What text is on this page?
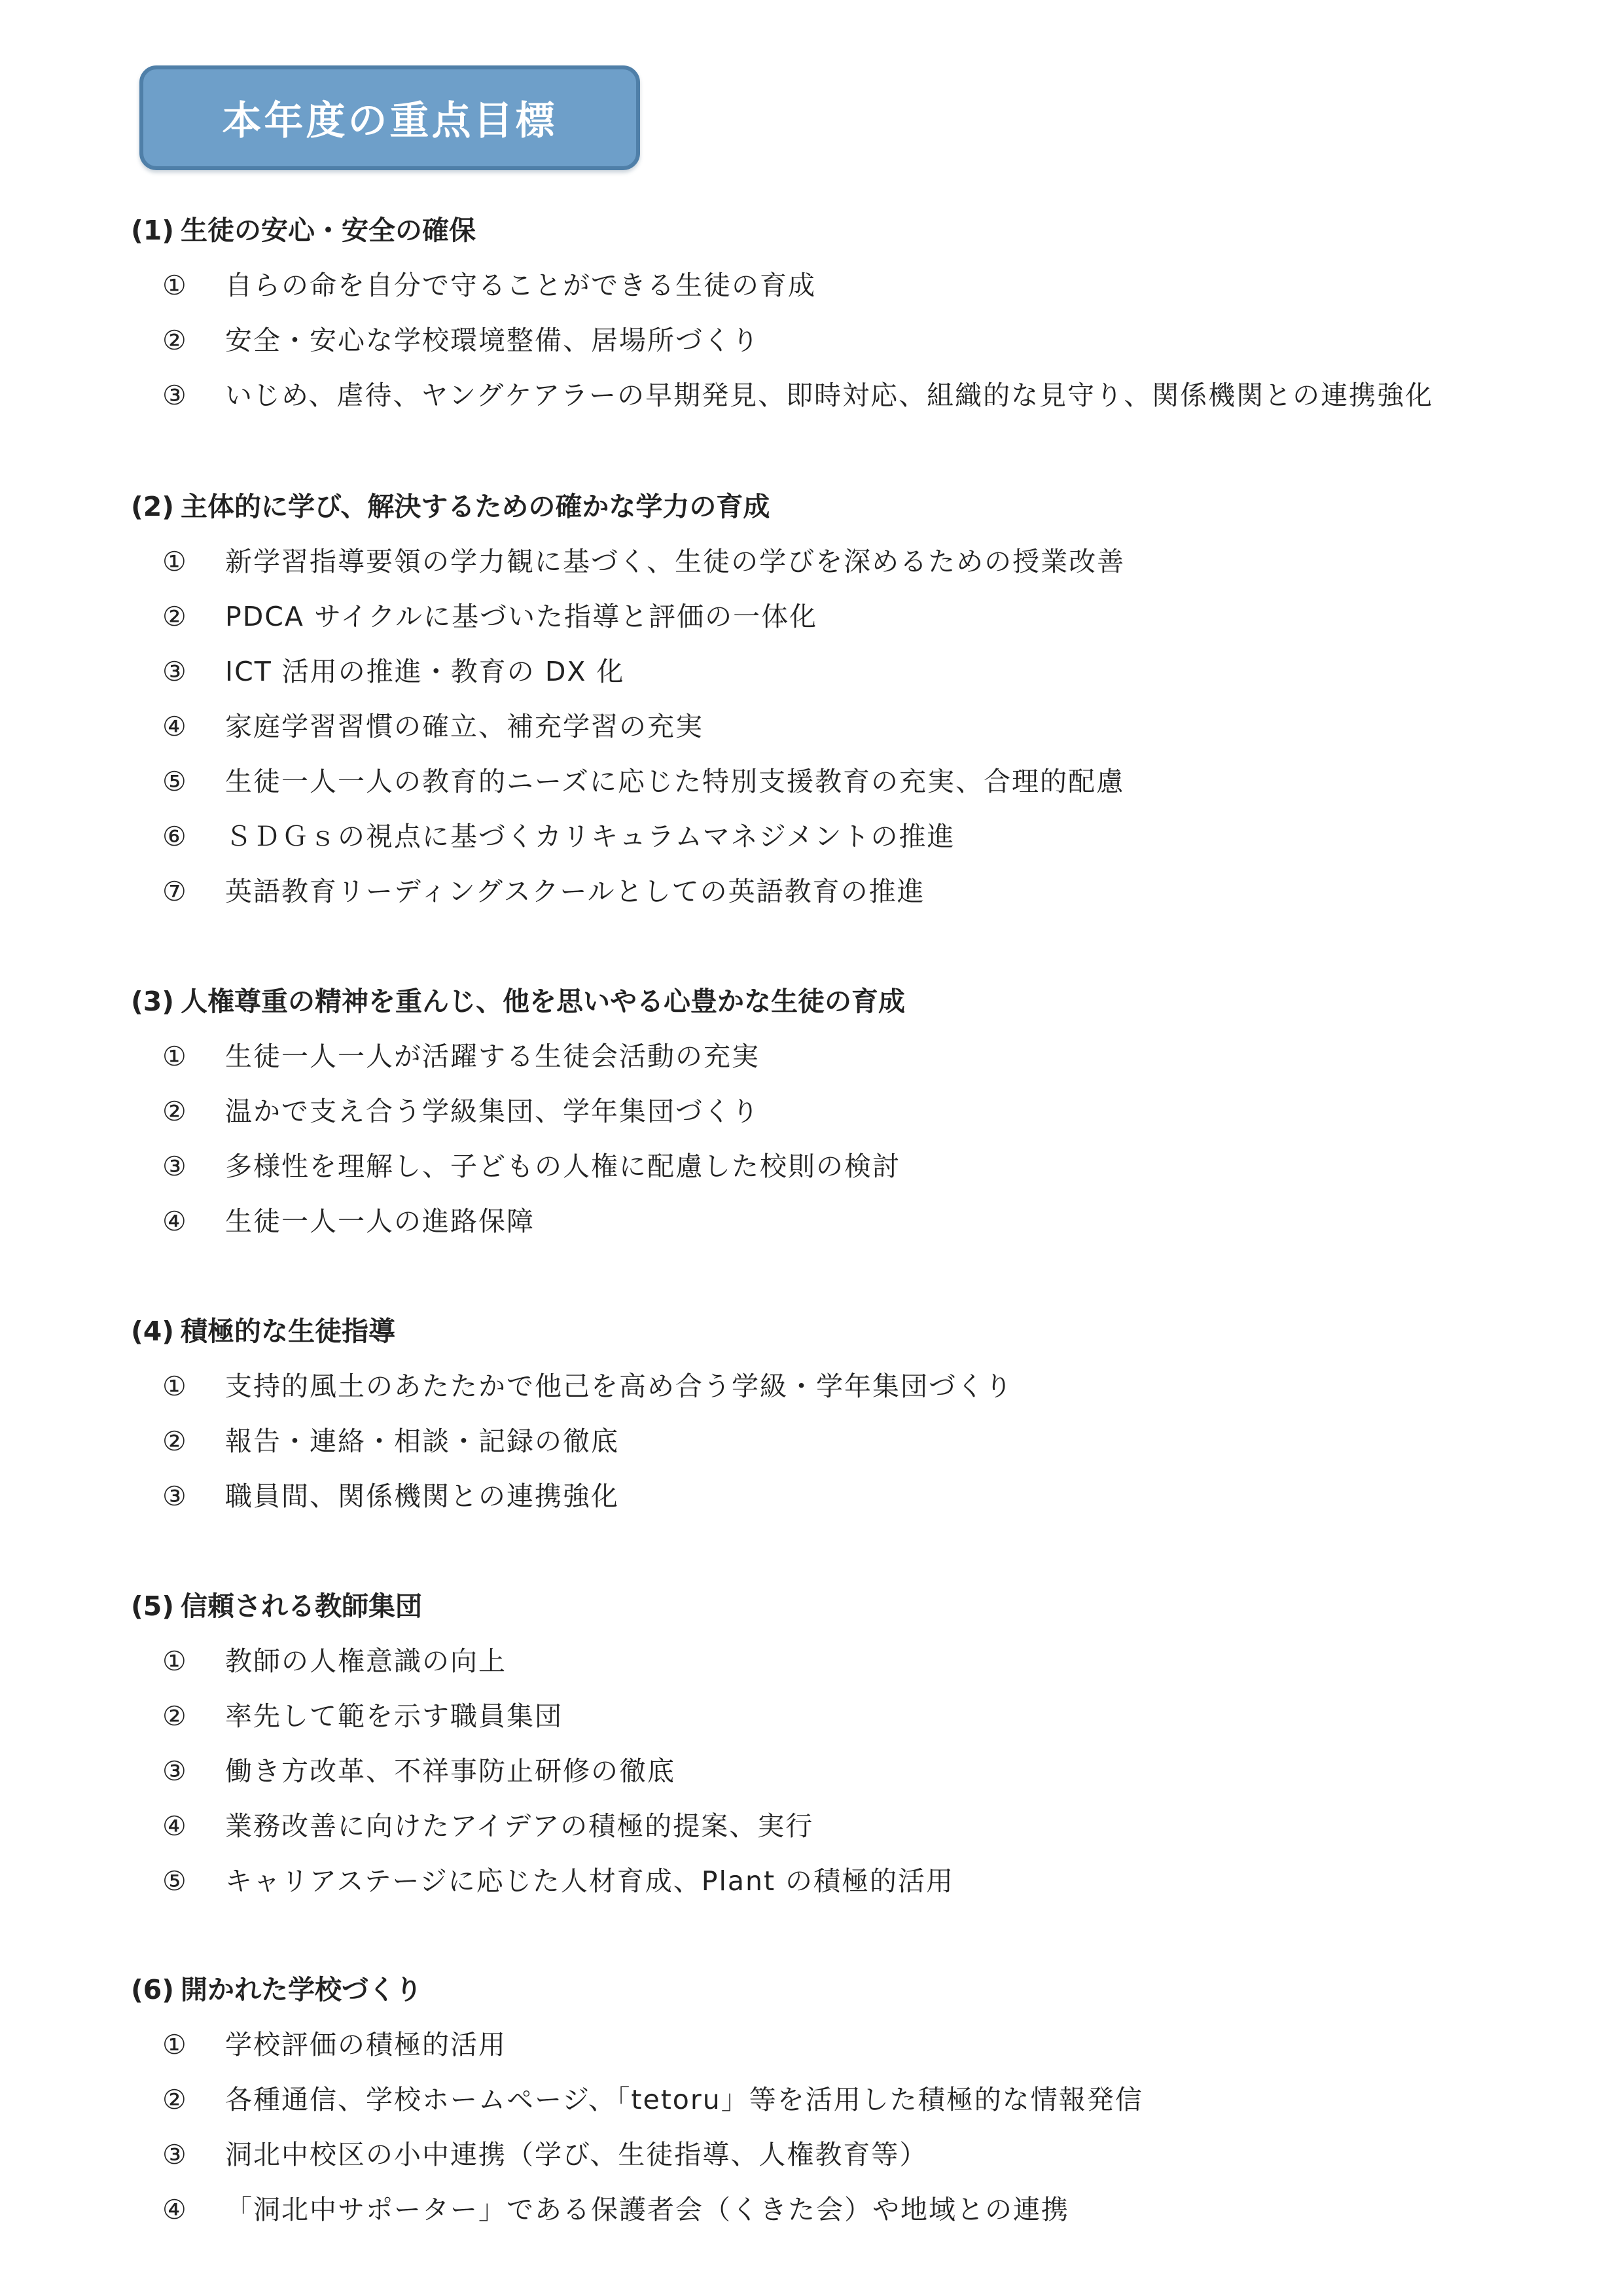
本年度の重点目標
(1) 生徒の安心・安全の確保
①	自らの命を自分で守ることができる生徒の育成
②	安全・安心な学校環境整備、居場所づくり
③	いじめ、虐待、ヤングケアラーの早期発見、即時対応、組織的な見守り、関係機関との連携強化
(2) 主体的に学び、解決するための確かな学力の育成
①	新学習指導要領の学力観に基づく、生徒の学びを深めるための授業改善
②	PDCA サイクルに基づいた指導と評価の一体化
③	ICT 活用の推進・教育の DX 化
④	家庭学習習慣の確立、補充学習の充実
⑤	生徒一人一人の教育的ニーズに応じた特別支援教育の充実、合理的配慮
⑥	ＳＤＧｓの視点に基づくカリキュラムマネジメントの推進
⑦	英語教育リーディングスクールとしての英語教育の推進
(3) 人権尊重の精神を重んじ、他を思いやる心豊かな生徒の育成
①	生徒一人一人が活躍する生徒会活動の充実
②	温かで支え合う学級集団、学年集団づくり
③	多様性を理解し、子どもの人権に配慮した校則の検討
④	生徒一人一人の進路保障
(4) 積極的な生徒指導
①	支持的風土のあたたかで他己を高め合う学級・学年集団づくり
②	報告・連絡・相談・記録の徹底
③	職員間、関係機関との連携強化
(5) 信頼される教師集団
①	教師の人権意識の向上
②	率先して範を示す職員集団
③	働き方改革、不祥事防止研修の徹底
④	業務改善に向けたアイデアの積極的提案、実行
⑤	キャリアステージに応じた人材育成、Plant の積極的活用
(6) 開かれた学校づくり
①	学校評価の積極的活用
②	各種通信、学校ホームページ、「tetoru」等を活用した積極的な情報発信
③	洞北中校区の小中連携（学び、生徒指導、人権教育等）
④	「洞北中サポーター」である保護者会（くきた会）や地域との連携
